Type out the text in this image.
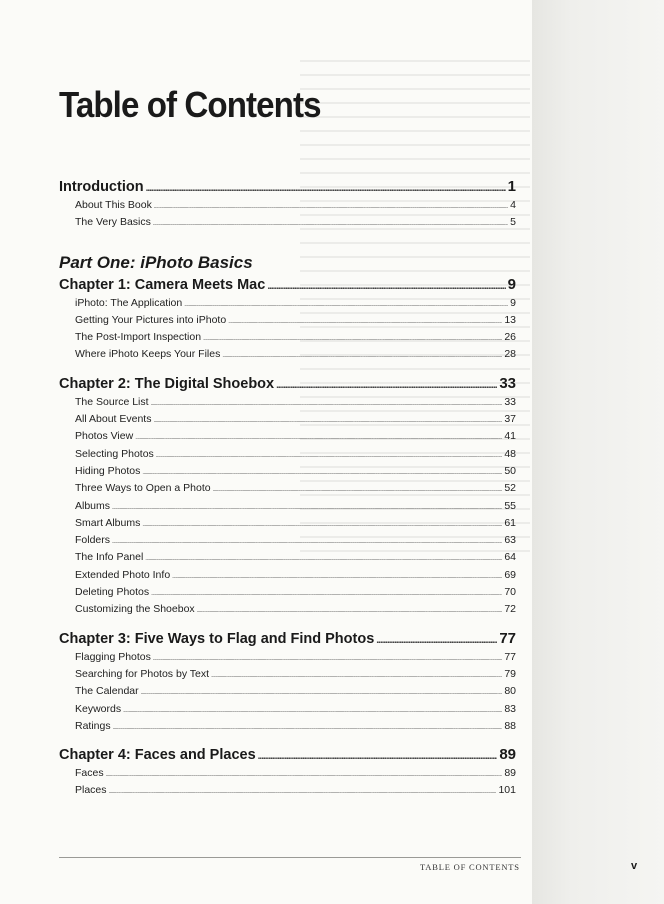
Table of Contents
Introduction .....	1
About This Book .....	4
The Very Basics .....	5
Part One: iPhoto Basics
Chapter 1: Camera Meets Mac .....	9
iPhoto: The Application .....	9
Getting Your Pictures into iPhoto .....	13
The Post-Import Inspection .....	26
Where iPhoto Keeps Your Files .....	28
Chapter 2: The Digital Shoebox .....	33
The Source List .....	33
All About Events .....	37
Photos View .....	41
Selecting Photos .....	48
Hiding Photos .....	50
Three Ways to Open a Photo .....	52
Albums .....	55
Smart Albums .....	61
Folders .....	63
The Info Panel .....	64
Extended Photo Info .....	69
Deleting Photos .....	70
Customizing the Shoebox .....	72
Chapter 3: Five Ways to Flag and Find Photos .....	77
Flagging Photos .....	77
Searching for Photos by Text .....	79
The Calendar .....	80
Keywords .....	83
Ratings .....	88
Chapter 4: Faces and Places .....	89
Faces .....	89
Places .....	101
TABLE OF CONTENTS	v
